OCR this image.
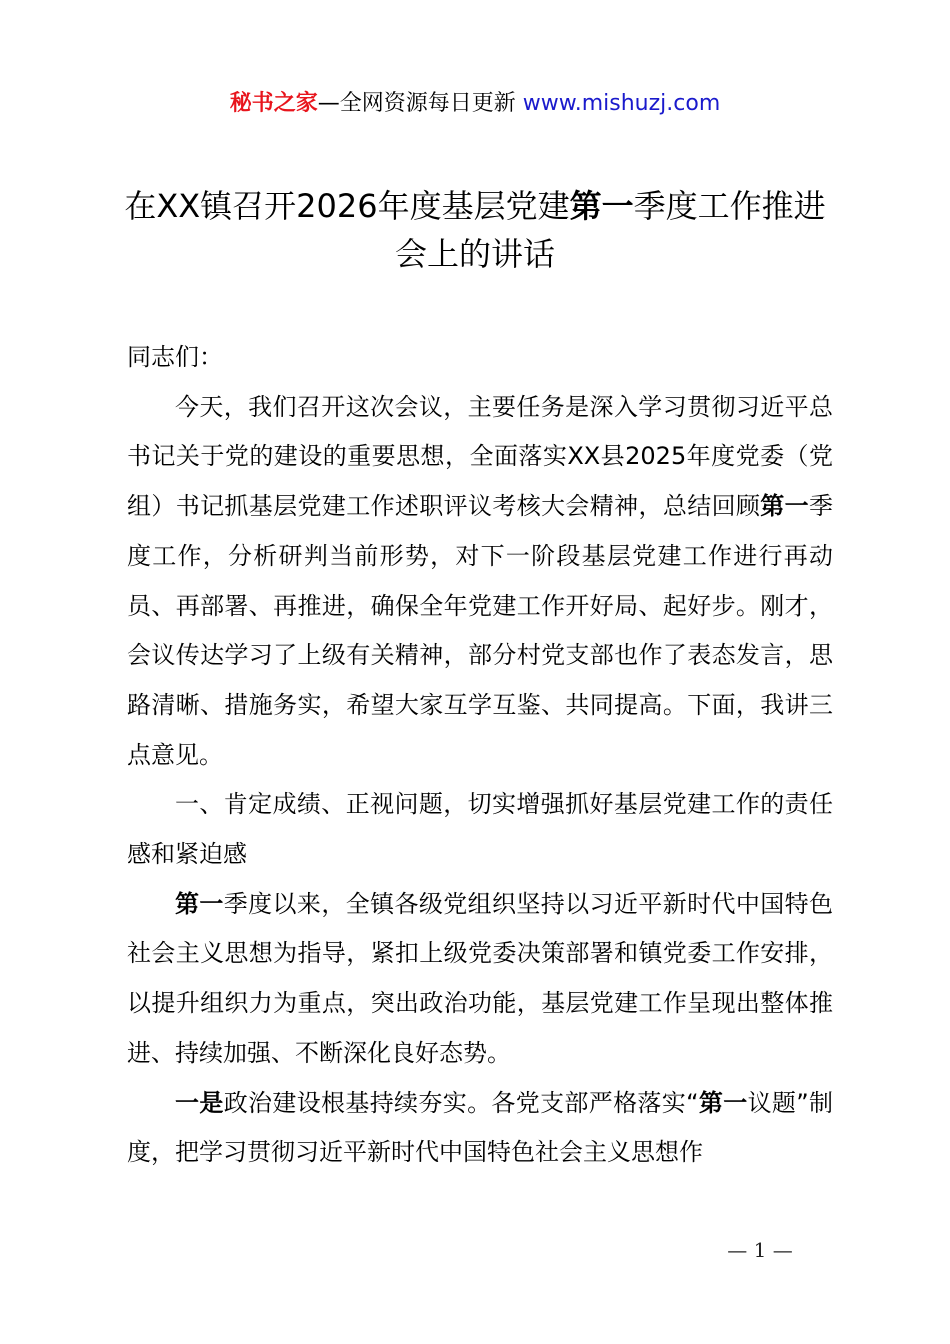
秘书之家—全网资源每日更新 www.mishuzj.com
在XX镇召开2026年度基层党建第一季度工作推进会上的讲话

同志们：

今天，我们召开这次会议，主要任务是深入学习贯彻习近平总书记关于党的建设的重要思想，全面落实XX县2025年度党委（党组）书记抓基层党建工作述职评议考核大会精神，总结回顾第一季度工作，分析研判当前形势，对下一阶段基层党建工作进行再动员、再部署、再推进，确保全年党建工作开好局、起好步。刚才，会议传达学习了上级有关精神，部分村党支部也作了表态发言，思路清晰、措施务实，希望大家互学互鉴、共同提高。下面，我讲三点意见。

一、肯定成绩、正视问题，切实增强抓好基层党建工作的责任感和紧迫感

第一季度以来，全镇各级党组织坚持以习近平新时代中国特色社会主义思想为指导，紧扣上级党委决策部署和镇党委工作安排，以提升组织力为重点，突出政治功能，基层党建工作呈现出整体推进、持续加强、不断深化良好态势。

一是政治建设根基持续夯实。各党支部严格落实“第一议题”制度，把学习贯彻习近平新时代中国特色社会主义思想作

— 1 —
